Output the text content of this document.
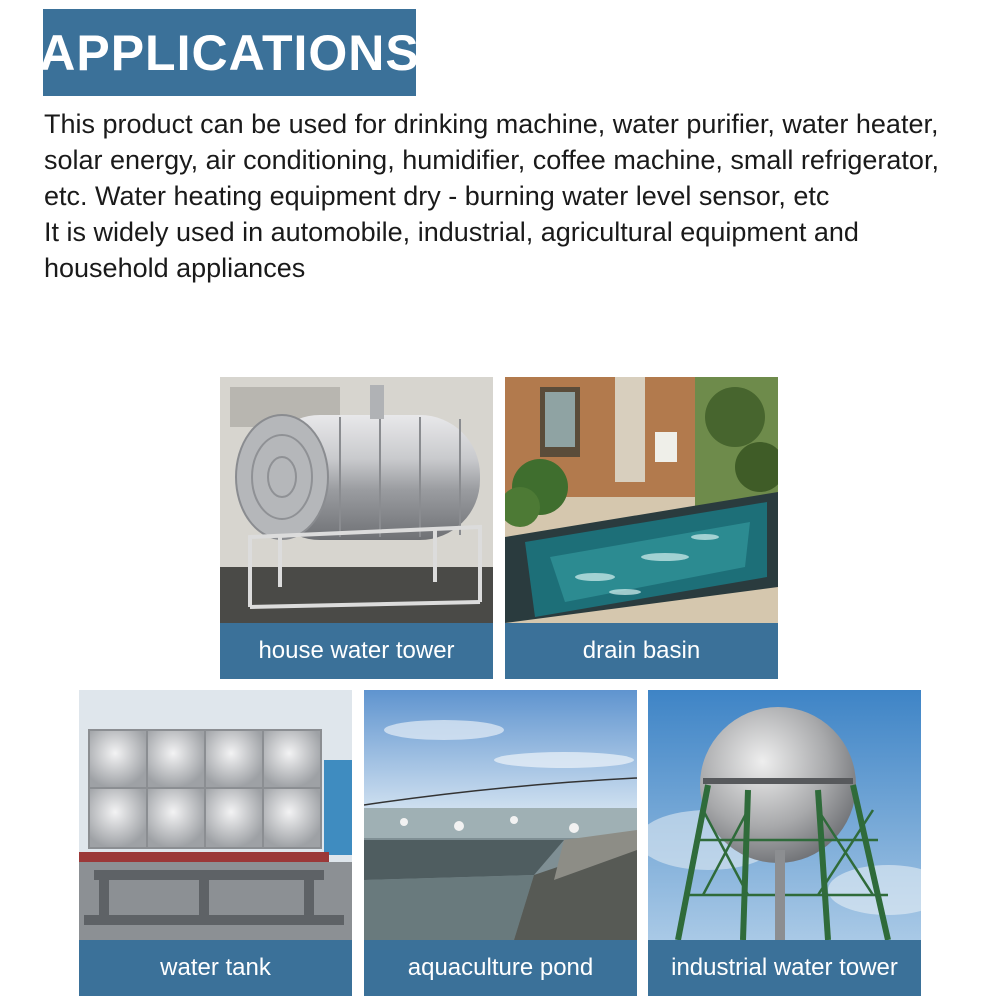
APPLICATIONS

This product can be used for drinking machine, water purifier, water heater, solar energy, air conditioning, humidifier, coffee machine, small refrigerator, etc. Water heating equipment dry - burning water level sensor, etc

It is widely used in automobile, industrial, agricultural equipment and household appliances

house water tower	drain basin
water tank	aquaculture pond	industrial water tower
